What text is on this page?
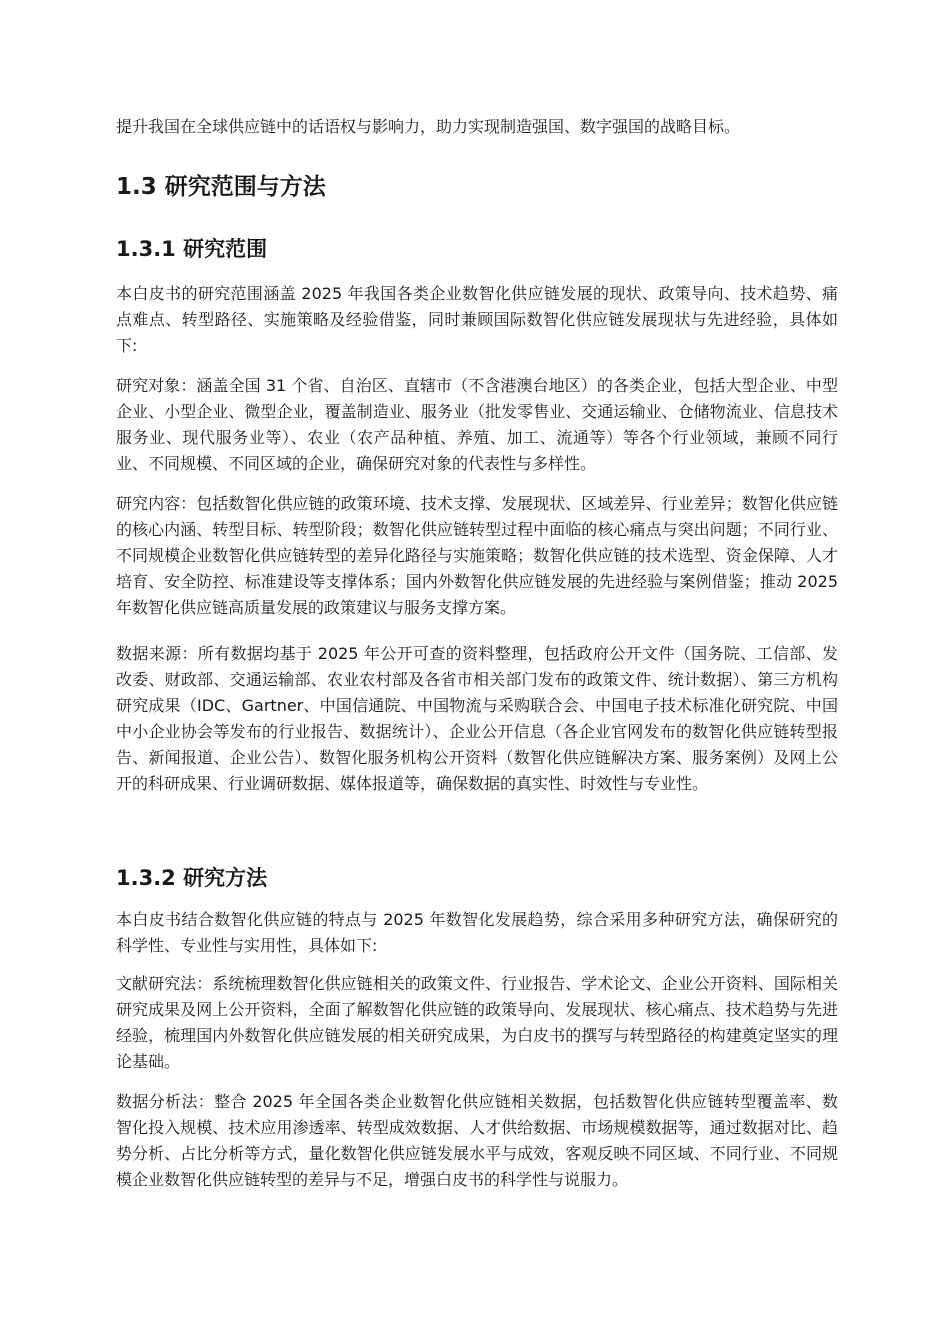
提升我国在全球供应链中的话语权与影响力，助力实现制造强国、数字强国的战略目标。

1.3 研究范围与方法
1.3.1 研究范围

本白皮书的研究范围涵盖 2025 年我国各类企业数智化供应链发展的现状、政策导向、技术趋势、痛点难点、转型路径、实施策略及经验借鉴，同时兼顾国际数智化供应链发展现状与先进经验，具体如下:

研究对象：涵盖全国 31 个省、自治区、直辖市（不含港澳台地区）的各类企业，包括大型企业、中型企业、小型企业、微型企业，覆盖制造业、服务业（批发零售业、交通运输业、仓储物流业、信息技术服务业、现代服务业等）、农业（农产品种植、养殖、加工、流通等）等各个行业领域，兼顾不同行业、不同规模、不同区域的企业，确保研究对象的代表性与多样性。

研究内容：包括数智化供应链的政策环境、技术支撑、发展现状、区域差异、行业差异；数智化供应链的核心内涵、转型目标、转型阶段；数智化供应链转型过程中面临的核心痛点与突出问题；不同行业、不同规模企业数智化供应链转型的差异化路径与实施策略；数智化供应链的技术选型、资金保障、人才培育、安全防控、标准建设等支撑体系；国内外数智化供应链发展的先进经验与案例借鉴；推动 2025 年数智化供应链高质量发展的政策建议与服务支撑方案。

数据来源：所有数据均基于 2025 年公开可查的资料整理，包括政府公开文件（国务院、工信部、发改委、财政部、交通运输部、农业农村部及各省市相关部门发布的政策文件、统计数据）、第三方机构研究成果（IDC、Gartner、中国信通院、中国物流与采购联合会、中国电子技术标准化研究院、中国中小企业协会等发布的行业报告、数据统计）、企业公开信息（各企业官网发布的数智化供应链转型报告、新闻报道、企业公告）、数智化服务机构公开资料（数智化供应链解决方案、服务案例）及网上公开的科研成果、行业调研数据、媒体报道等，确保数据的真实性、时效性与专业性。

1.3.2 研究方法

本白皮书结合数智化供应链的特点与 2025 年数智化发展趋势，综合采用多种研究方法，确保研究的科学性、专业性与实用性，具体如下:

文献研究法：系统梳理数智化供应链相关的政策文件、行业报告、学术论文、企业公开资料、国际相关研究成果及网上公开资料，全面了解数智化供应链的政策导向、发展现状、核心痛点、技术趋势与先进经验，梳理国内外数智化供应链发展的相关研究成果，为白皮书的撰写与转型路径的构建奠定坚实的理论基础。

数据分析法：整合 2025 年全国各类企业数智化供应链相关数据，包括数智化供应链转型覆盖率、数智化投入规模、技术应用渗透率、转型成效数据、人才供给数据、市场规模数据等，通过数据对比、趋势分析、占比分析等方式，量化数智化供应链发展水平与成效，客观反映不同区域、不同行业、不同规模企业数智化供应链转型的差异与不足，增强白皮书的科学性与说服力。
